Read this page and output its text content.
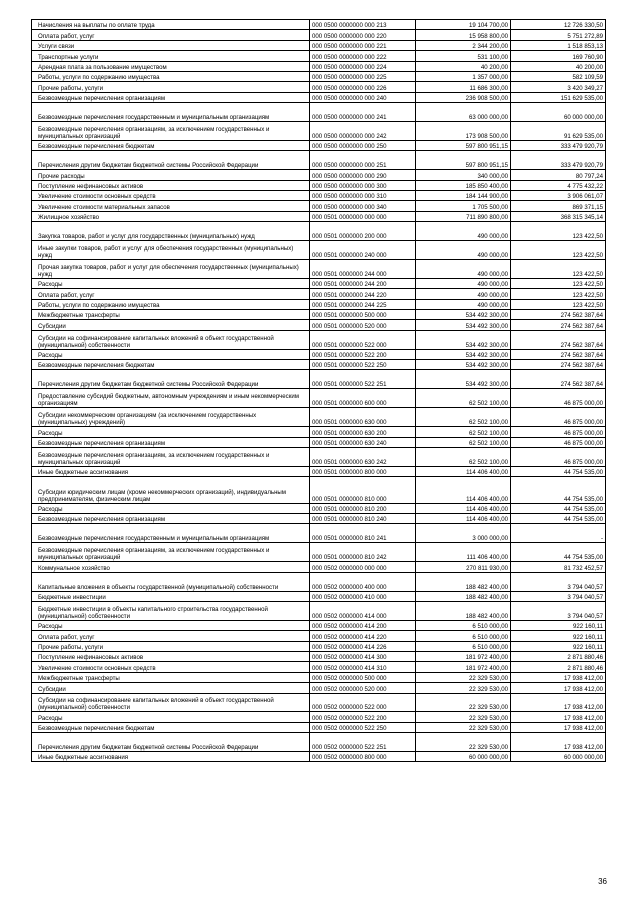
Начисления на выплаты по оплате труда	000 0500 0000000 000 213	19 104 700,00	12 726 330,50

Оплата работ, услуг	000 0500 0000000 000 220	15 958 800,00	5 751 272,89

Услуги связи	000 0500 0000000 000 221	2 344 200,00	1 518 853,13

Транспортные услуги	000 0500 0000000 000 222	531 100,00	169 760,90

Арендная плата за пользование имуществом	000 0500 0000000 000 224	40 200,00	40 200,00

Работы, услуги по содержанию имущества	000 0500 0000000 000 225	1 357 000,00	582 109,59

Прочие работы, услуги	000 0500 0000000 000 226	11 686 300,00	3 420 349,27

Безвозмездные перечисления организациям	000 0500 0000000 000 240	236 908 500,00	151 629 535,00

Безвозмездные перечисления государственным и муниципальным организациям	000 0500 0000000 000 241	63 000 000,00	60 000 000,00

Безвозмездные перечисления организациям, за исключением государственных и муниципальных организаций	000 0500 0000000 000 242	173 908 500,00	91 629 535,00

Безвозмездные перечисления бюджетам	000 0500 0000000 000 250	597 800 951,15	333 479 920,79

Перечисления другим бюджетам бюджетной системы Российской Федерации	000 0500 0000000 000 251	597 800 951,15	333 479 920,79

Прочие расходы	000 0500 0000000 000 290	340 000,00	80 797,24

Поступление нефинансовых активов	000 0500 0000000 000 300	185 850 400,00	4 775 432,22

Увеличение стоимости основных средств	000 0500 0000000 000 310	184 144 900,00	3 906 061,07

Увеличение стоимости материальных запасов	000 0500 0000000 000 340	1 705 500,00	869 371,15

Жилищное хозяйство	000 0501 0000000 000 000	711 890 800,00	368 315 345,14

Закупка товаров, работ и услуг для государственных (муниципальных) нужд	000 0501 0000000 200 000	490 000,00	123 422,50

Иные закупки товаров, работ и услуг для обеспечения государственных (муниципальных) нужд	000 0501 0000000 240 000	490 000,00	123 422,50

Прочая закупка товаров, работ и услуг для обеспечения государственных (муниципальных) нужд	000 0501 0000000 244 000	490 000,00	123 422,50

Расходы	000 0501 0000000 244 200	490 000,00	123 422,50

Оплата работ, услуг	000 0501 0000000 244 220	490 000,00	123 422,50

Работы, услуги по содержанию имущества	000 0501 0000000 244 225	490 000,00	123 422,50

Межбюджетные трансферты	000 0501 0000000 500 000	534 492 300,00	274 562 387,64

Субсидии	000 0501 0000000 520 000	534 492 300,00	274 562 387,64

Субсидии на софинансирование капитальных вложений в объект государственной (муниципальной) собственности	000 0501 0000000 522 000	534 492 300,00	274 562 387,64

Расходы	000 0501 0000000 522 200	534 492 300,00	274 562 387,64

Безвозмездные перечисления бюджетам	000 0501 0000000 522 250	534 492 300,00	274 562 387,64

Перечисления другим бюджетам бюджетной системы Российской Федерации	000 0501 0000000 522 251	534 492 300,00	274 562 387,64

Предоставление субсидий бюджетным, автономным учреждениям и иным некоммерческим организациям	000 0501 0000000 600 000	62 502 100,00	46 875 000,00

Субсидии некоммерческим организациям (за исключением государственных (муниципальных) учреждений)	000 0501 0000000 630 000	62 502 100,00	46 875 000,00

Расходы	000 0501 0000000 630 200	62 502 100,00	46 875 000,00

Безвозмездные перечисления организациям	000 0501 0000000 630 240	62 502 100,00	46 875 000,00

Безвозмездные перечисления организациям, за исключением государственных и муниципальных организаций	000 0501 0000000 630 242	62 502 100,00	46 875 000,00

Иные бюджетные ассигнования	000 0501 0000000 800 000	114 406 400,00	44 754 535,00

Субсидии юридическим лицам (кроме некоммерческих организаций), индивидуальным предпринимателям, физическим лицам	000 0501 0000000 810 000	114 406 400,00	44 754 535,00

Расходы	000 0501 0000000 810 200	114 406 400,00	44 754 535,00

Безвозмездные перечисления организациям	000 0501 0000000 810 240	114 406 400,00	44 754 535,00

Безвозмездные перечисления государственным и муниципальным организациям	000 0501 0000000 810 241	3 000 000,00	-

Безвозмездные перечисления организациям, за исключением государственных и муниципальных организаций	000 0501 0000000 810 242	111 406 400,00	44 754 535,00

Коммунальное хозяйство	000 0502 0000000 000 000	270 811 930,00	81 732 452,57

Капитальные вложения в объекты государственной (муниципальной) собственности	000 0502 0000000 400 000	188 482 400,00	3 794 040,57

Бюджетные инвестиции	000 0502 0000000 410 000	188 482 400,00	3 794 040,57

Бюджетные инвестиции в объекты капитального строительства государственной (муниципальной) собственности	000 0502 0000000 414 000	188 482 400,00	3 794 040,57

Расходы	000 0502 0000000 414 200	6 510 000,00	922 160,11

Оплата работ, услуг	000 0502 0000000 414 220	6 510 000,00	922 160,11

Прочие работы, услуги	000 0502 0000000 414 226	6 510 000,00	922 160,11

Поступление нефинансовых активов	000 0502 0000000 414 300	181 972 400,00	2 871 880,46

Увеличение стоимости основных средств	000 0502 0000000 414 310	181 972 400,00	2 871 880,46

Межбюджетные трансферты	000 0502 0000000 500 000	22 329 530,00	17 938 412,00

Субсидии	000 0502 0000000 520 000	22 329 530,00	17 938 412,00

Субсидии на софинансирование капитальных вложений в объект государственной (муниципальной) собственности	000 0502 0000000 522 000	22 329 530,00	17 938 412,00

Расходы	000 0502 0000000 522 200	22 329 530,00	17 938 412,00

Безвозмездные перечисления бюджетам	000 0502 0000000 522 250	22 329 530,00	17 938 412,00

Перечисления другим бюджетам бюджетной системы Российской Федерации	000 0502 0000000 522 251	22 329 530,00	17 938 412,00

Иные бюджетные ассигнования	000 0502 0000000 800 000	60 000 000,00	60 000 000,00
36
